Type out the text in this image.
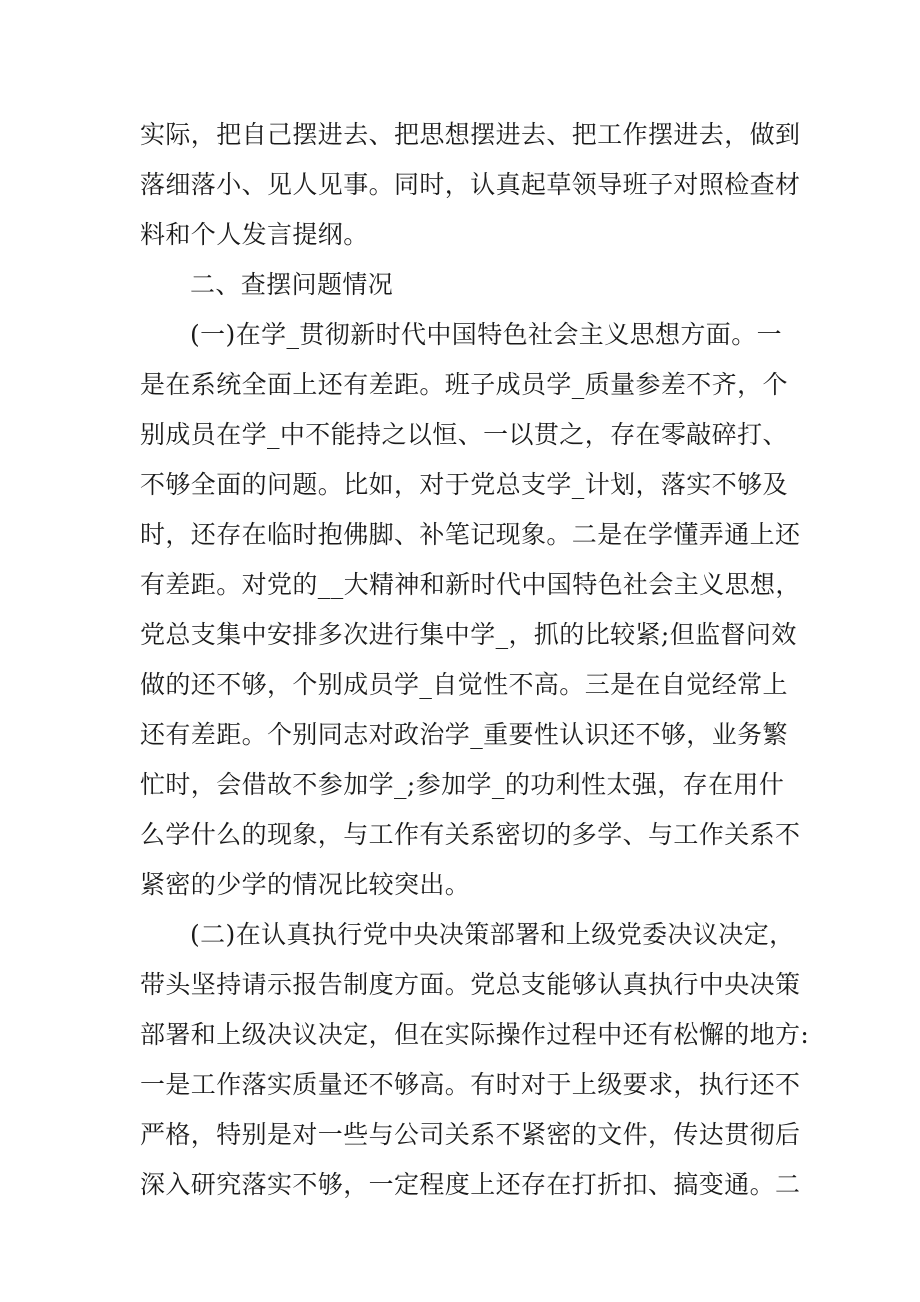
实际，把自己摆进去、把思想摆进去、把工作摆进去，做到
落细落小、见人见事。同时，认真起草领导班子对照检查材
料和个人发言提纲。
二、查摆问题情况
(一)在学_贯彻新时代中国特色社会主义思想方面。一
是在系统全面上还有差距。班子成员学_质量参差不齐，个
别成员在学_中不能持之以恒、一以贯之，存在零敲碎打、
不够全面的问题。比如，对于党总支学_计划，落实不够及
时，还存在临时抱佛脚、补笔记现象。二是在学懂弄通上还
有差距。对党的__大精神和新时代中国特色社会主义思想，
党总支集中安排多次进行集中学_，抓的比较紧;但监督问效
做的还不够，个别成员学_自觉性不高。三是在自觉经常上
还有差距。个别同志对政治学_重要性认识还不够，业务繁
忙时，会借故不参加学_;参加学_的功利性太强，存在用什
么学什么的现象，与工作有关系密切的多学、与工作关系不
紧密的少学的情况比较突出。
(二)在认真执行党中央决策部署和上级党委决议决定，
带头坚持请示报告制度方面。党总支能够认真执行中央决策
部署和上级决议决定，但在实际操作过程中还有松懈的地方:
一是工作落实质量还不够高。有时对于上级要求，执行还不
严格，特别是对一些与公司关系不紧密的文件，传达贯彻后
深入研究落实不够，一定程度上还存在打折扣、搞变通。二
